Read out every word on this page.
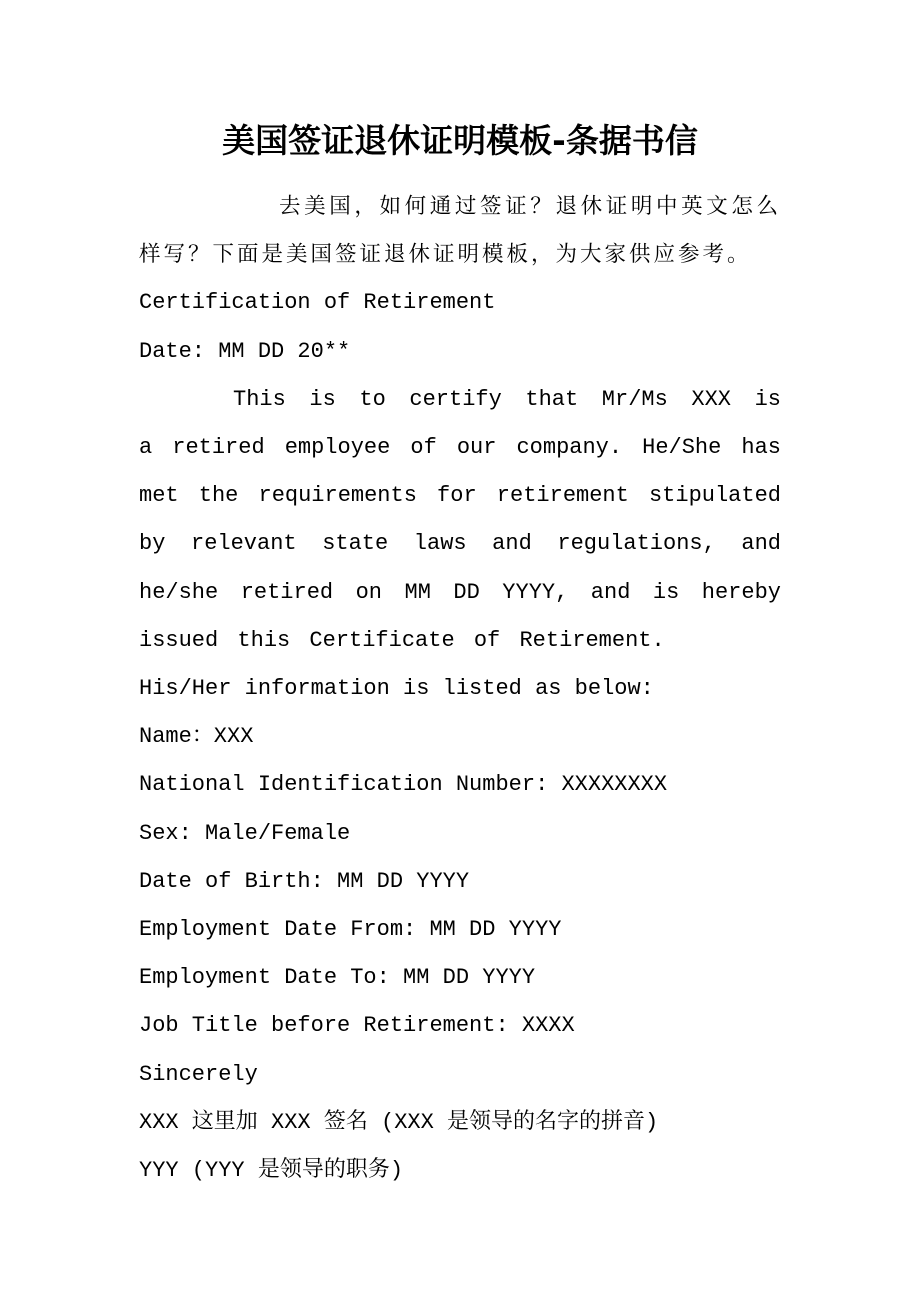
美国签证退休证明模板-条据书信

去美国，如何通过签证？退休证明中英文怎么样写？下面是美国签证退休证明模板，为大家供应参考。

Certification of Retirement

Date: MM DD 20**

This is to certify that Mr/Ms XXX is a retired employee of our company. He/She has met the requirements for retirement stipulated by relevant state laws and regulations, and he/she retired on MM DD YYYY, and is hereby issued this Certificate of Retirement.

His/Her information is listed as below:

Name：XXX

National Identification Number: XXXXXXXX

Sex: Male/Female

Date of Birth: MM DD YYYY

Employment Date From: MM DD YYYY

Employment Date To: MM DD YYYY

Job Title before Retirement: XXXX

Sincerely

XXX 这里加 XXX 签名 (XXX 是领导的名字的拼音)

YYY (YYY 是领导的职务)
